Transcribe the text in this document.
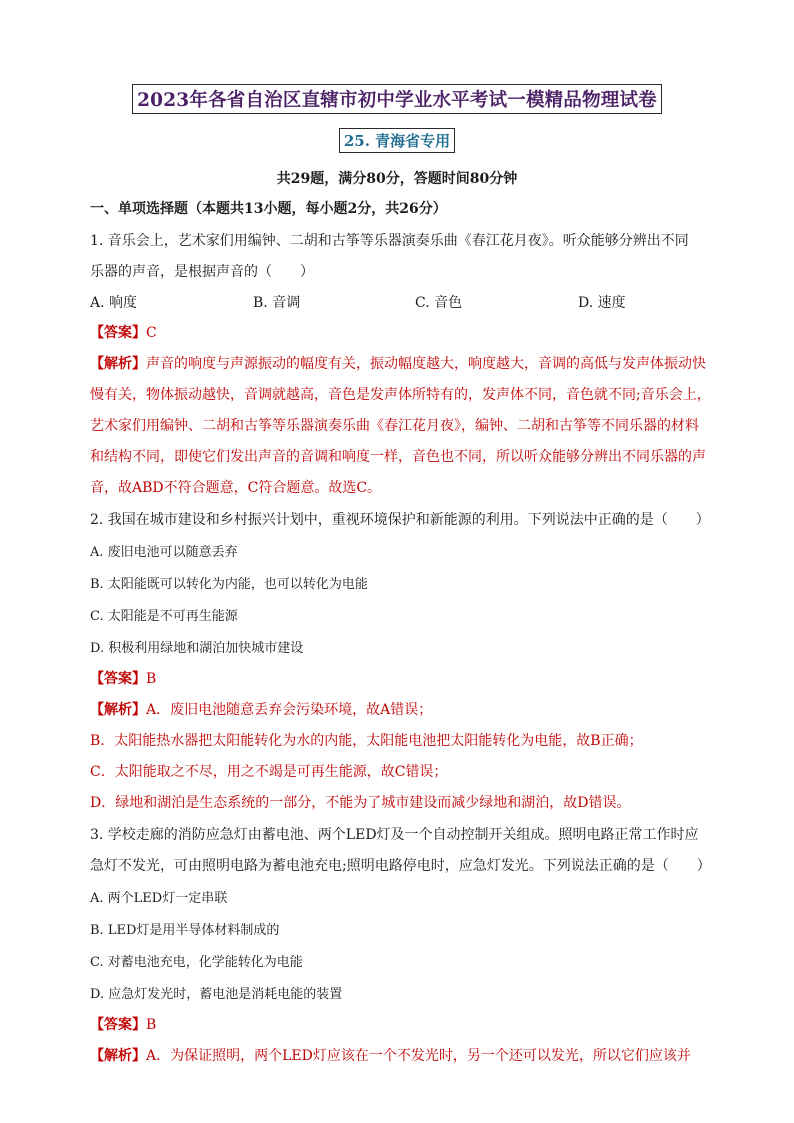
2023年各省自治区直辖市初中学业水平考试一模精品物理试卷
25. 青海省专用
共29题，满分80分，答题时间80分钟
一、单项选择题（本题共13小题，每小题2分，共26分）
1. 音乐会上，艺术家们用编钟、二胡和古筝等乐器演奏乐曲《春江花月夜》。听众能够分辨出不同
乐器的声音，是根据声音的（　　）
A. 响度	B. 音调	C. 音色	D. 速度
【答案】C
【解析】声音的响度与声源振动的幅度有关，振动幅度越大，响度越大，音调的高低与发声体振动快
慢有关，物体振动越快，音调就越高，音色是发声体所特有的，发声体不同，音色就不同;音乐会上，
艺术家们用编钟、二胡和古筝等乐器演奏乐曲《春江花月夜》，编钟、二胡和古筝等不同乐器的材料
和结构不同，即使它们发出声音的音调和响度一样，音色也不同，所以听众能够分辨出不同乐器的声
音，故ABD不符合题意，C符合题意。故选C。
2. 我国在城市建设和乡村振兴计划中，重视环境保护和新能源的利用。下列说法中正确的是（　　）
A. 废旧电池可以随意丢弃
B. 太阳能既可以转化为内能，也可以转化为电能
C. 太阳能是不可再生能源
D. 积极利用绿地和湖泊加快城市建设
【答案】B
【解析】A．废旧电池随意丢弃会污染环境，故A错误；
B．太阳能热水器把太阳能转化为水的内能，太阳能电池把太阳能转化为电能，故B正确；
C．太阳能取之不尽，用之不竭是可再生能源，故C错误；
D．绿地和湖泊是生态系统的一部分，不能为了城市建设而减少绿地和湖泊，故D错误。
3. 学校走廊的消防应急灯由蓄电池、两个LED灯及一个自动控制开关组成。照明电路正常工作时应
急灯不发光，可由照明电路为蓄电池充电;照明电路停电时，应急灯发光。下列说法正确的是（　　）
A. 两个LED灯一定串联
B. LED灯是用半导体材料制成的
C. 对蓄电池充电，化学能转化为电能
D. 应急灯发光时，蓄电池是消耗电能的装置
【答案】B
【解析】A．为保证照明，两个LED灯应该在一个不发光时，另一个还可以发光，所以它们应该并
